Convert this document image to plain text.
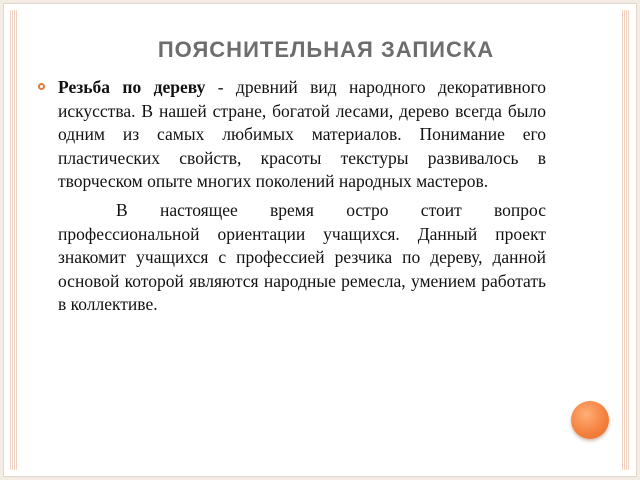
ПОЯСНИТЕЛЬНАЯ ЗАПИСКА

Резьба по дереву - древний вид народного декоративного искусства. В нашей стране, богатой лесами, дерево всегда было одним из самых любимых материалов. Понимание его пластических свойств, красоты текстуры развивалось в творческом опыте многих поколений народных мастеров.

В настоящее время остро стоит вопрос профессиональной ориентации учащихся. Данный проект знакомит учащихся с профессией резчика по дереву, данной основой которой являются народные ремесла, умением работать в коллективе.
